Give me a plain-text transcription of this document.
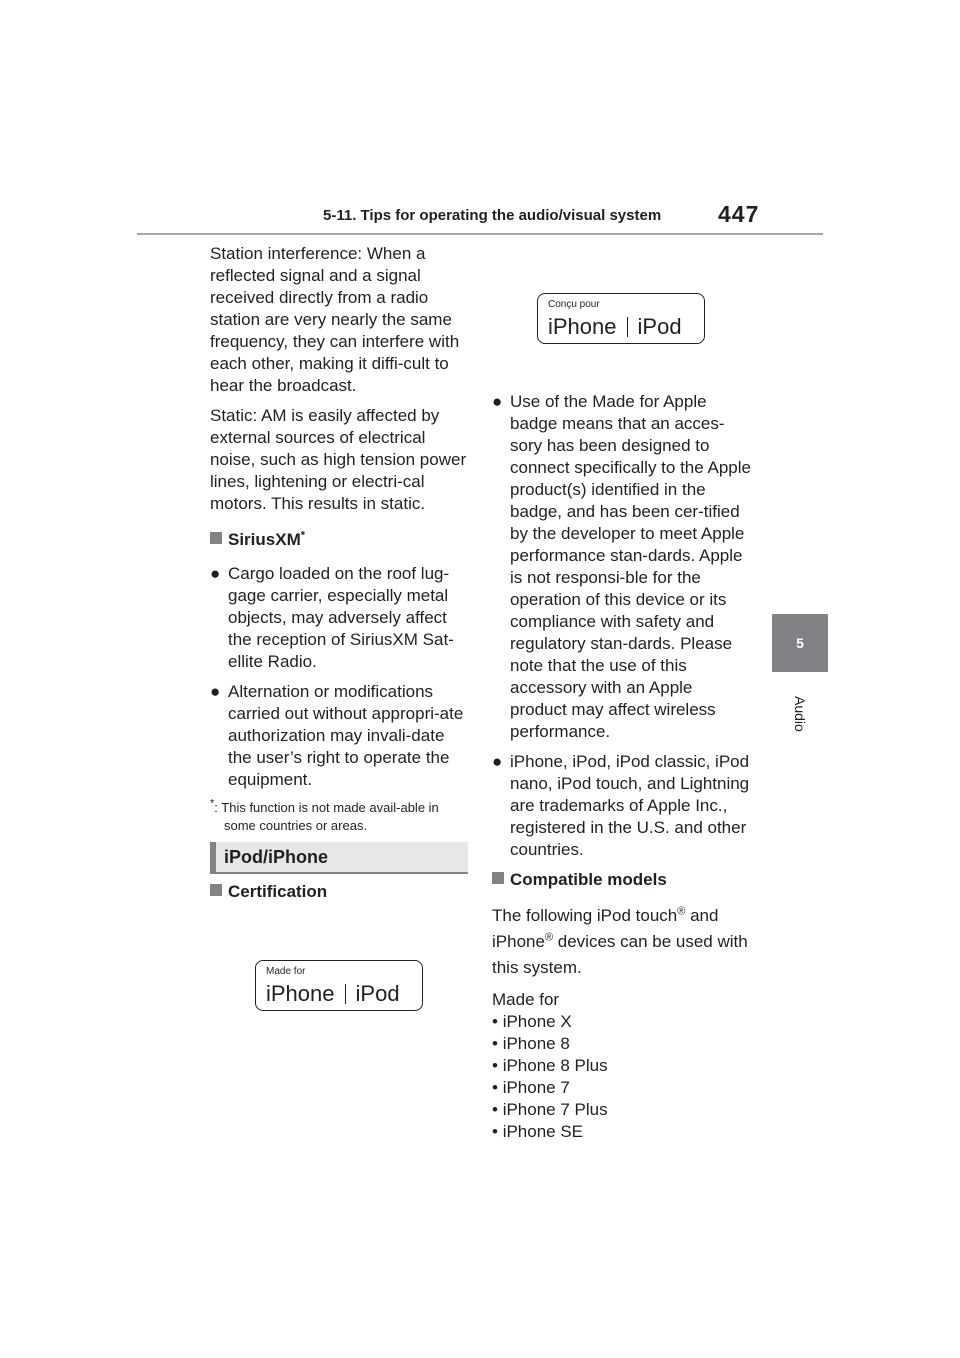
5-11. Tips for operating the audio/visual system 447
5
Audio

Station interference: When a reflected signal and a signal received directly from a radio station are very nearly the same frequency, they can interfere with each other, making it diffi-cult to hear the broadcast.

Static: AM is easily affected by external sources of electrical noise, such as high tension power lines, lightening or electri-cal motors. This results in static.

SiriusXM*

● Cargo loaded on the roof lug-gage carrier, especially metal objects, may adversely affect the reception of SiriusXM Sat-ellite Radio.
● Alternation or modifications carried out without appropri-ate authorization may invali-date the user’s right to operate the equipment.

*: This function is not made avail-able in some countries or areas.

iPod/iPhone

Certification

Made for
iPhone iPod
Conçu pour
iPhone iPod
● Use of the Made for Apple badge means that an acces-sory has been designed to connect specifically to the Apple product(s) identified in the badge, and has been cer-tified by the developer to meet Apple performance stan-dards. Apple is not responsi-ble for the operation of this device or its compliance with safety and regulatory stan-dards. Please note that the use of this accessory with an Apple product may affect wireless performance.
● iPhone, iPod, iPod classic, iPod nano, iPod touch, and Lightning are trademarks of Apple Inc., registered in the U.S. and other countries.

Compatible models

The following iPod touch® and iPhone® devices can be used with this system.

Made for

• iPhone X
• iPhone 8
• iPhone 8 Plus
• iPhone 7
• iPhone 7 Plus
• iPhone SE
